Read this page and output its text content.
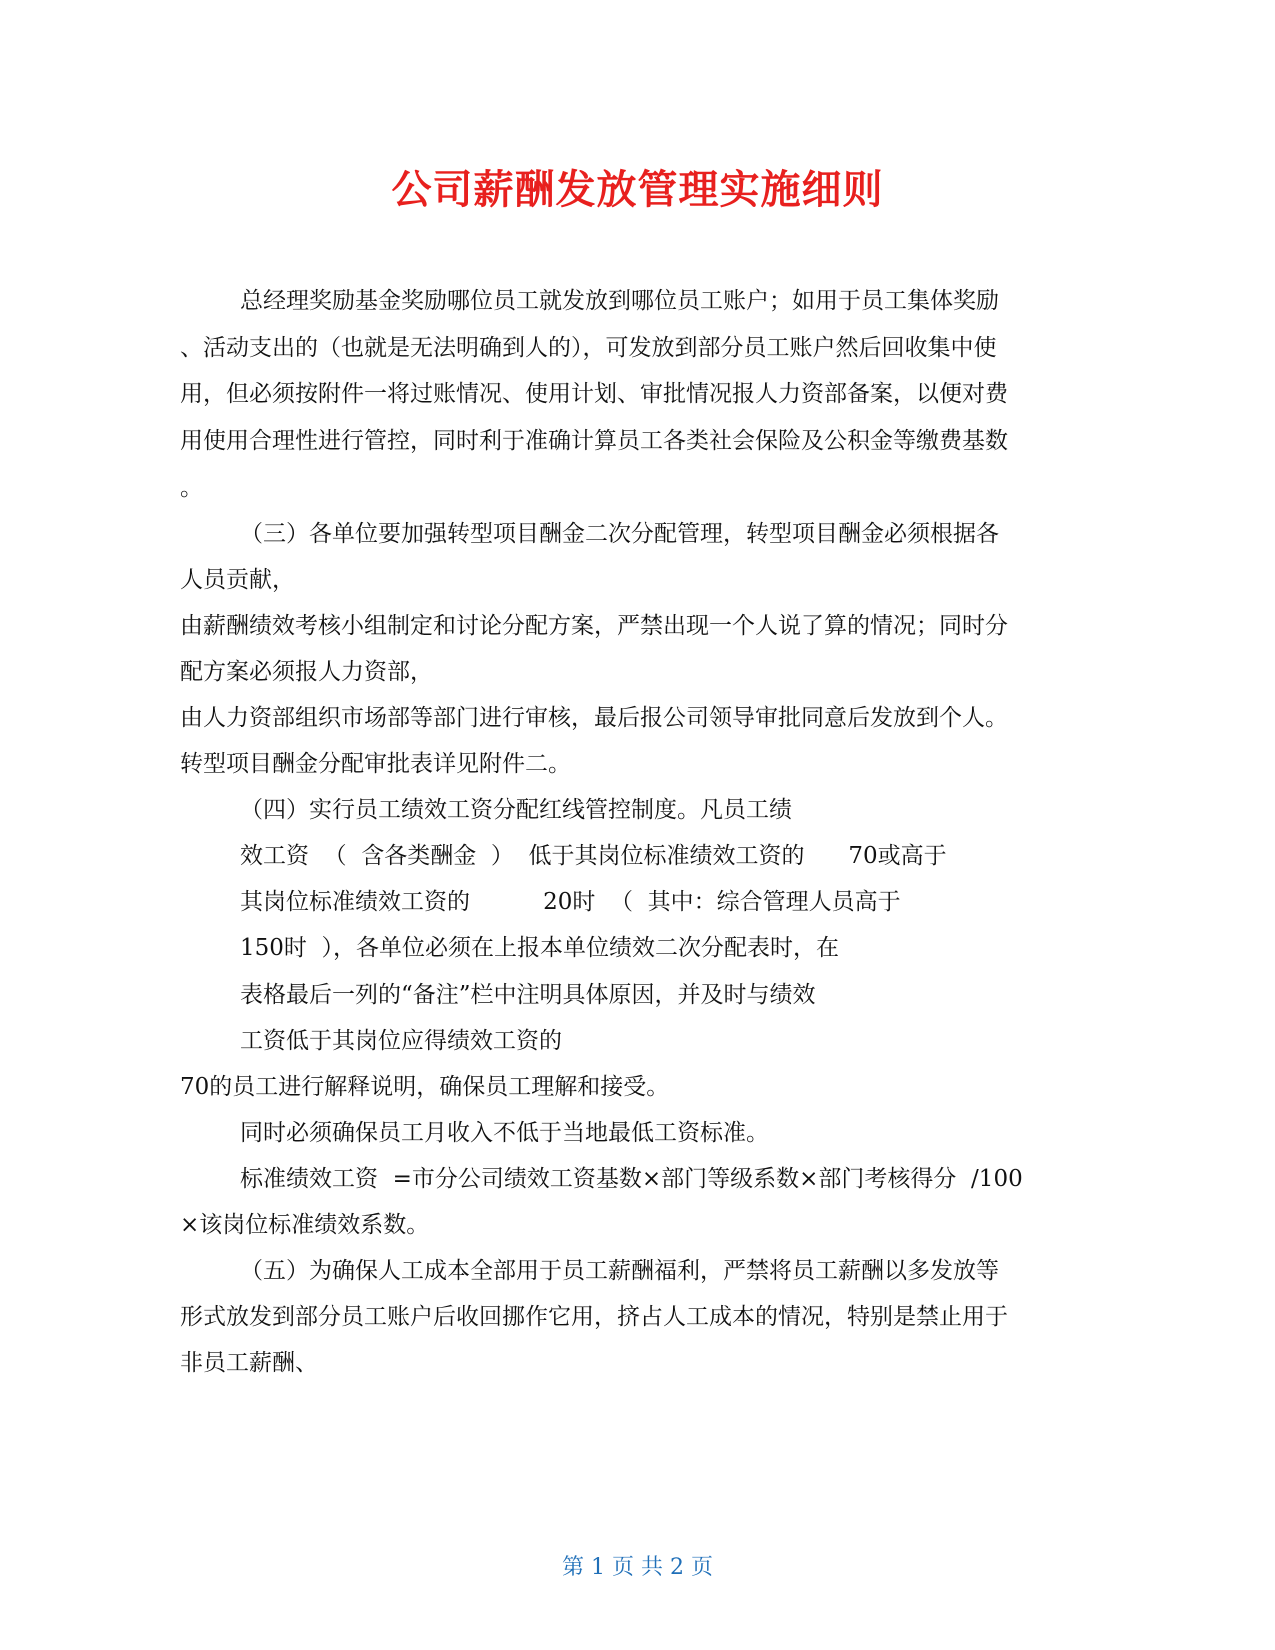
公司薪酬发放管理实施细则
总经理奖励基金奖励哪位员工就发放到哪位员工账户；如用于员工集体奖励
、活动支出的（也就是无法明确到人的），可发放到部分员工账户然后回收集中使
用，但必须按附件一将过账情况、使用计划、审批情况报人力资部备案，以便对费
用使用合理性进行管控，同时利于准确计算员工各类社会保险及公积金等缴费基数
。
（三）各单位要加强转型项目酬金二次分配管理，转型项目酬金必须根据各
人员贡献，
由薪酬绩效考核小组制定和讨论分配方案，严禁出现一个人说了算的情况；同时分
配方案必须报人力资部，
由人力资部组织市场部等部门进行审核，最后报公司领导审批同意后发放到个人。
转型项目酬金分配审批表详见附件二。
（四）实行员工绩效工资分配红线管控制度。凡员工绩
效工资  （  含各类酬金  ）  低于其岗位标准绩效工资的      70或高于
其岗位标准绩效工资的          20时  （  其中：综合管理人员高于
150时  ），各单位必须在上报本单位绩效二次分配表时，在
表格最后一列的“备注”栏中注明具体原因，并及时与绩效
工资低于其岗位应得绩效工资的
70的员工进行解释说明，确保员工理解和接受。
同时必须确保员工月收入不低于当地最低工资标准。
标准绩效工资  =市分公司绩效工资基数×部门等级系数×部门考核得分  /100
×该岗位标准绩效系数。
（五）为确保人工成本全部用于员工薪酬福利，严禁将员工薪酬以多发放等
形式放发到部分员工账户后收回挪作它用，挤占人工成本的情况，特别是禁止用于
非员工薪酬、
第 1 页 共 2 页
